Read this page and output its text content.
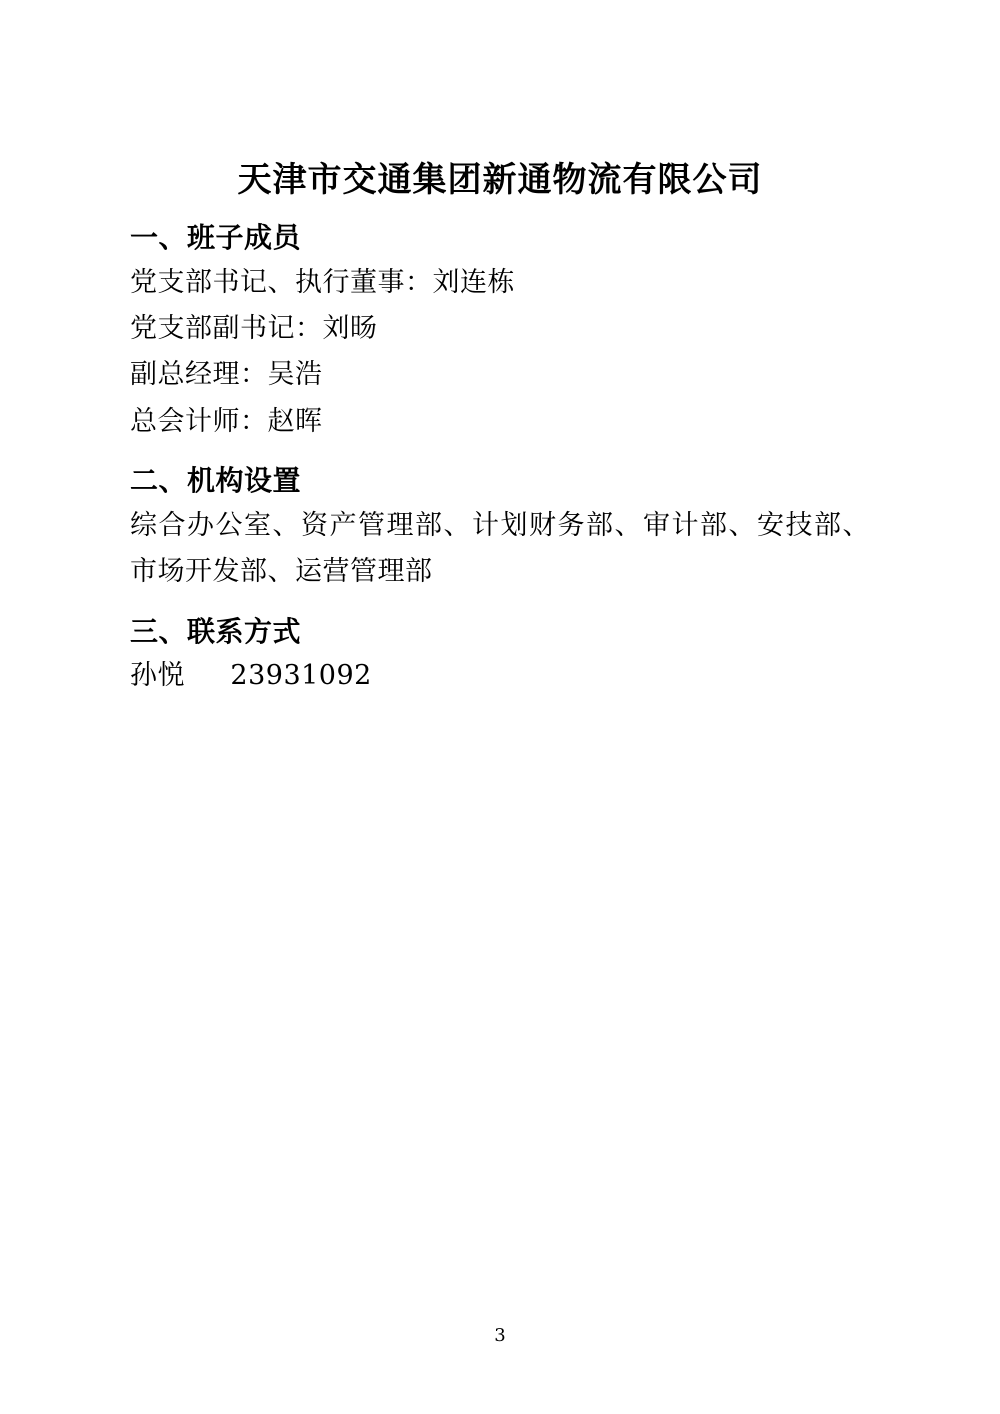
天津市交通集团新通物流有限公司
一、班子成员

党支部书记、执行董事：刘连栋

党支部副书记：刘旸

副总经理：吴浩

总会计师：赵晖

二、机构设置

综合办公室、资产管理部、计划财务部、审计部、安技部、市场开发部、运营管理部

三、联系方式

孙悦     23931092

3
